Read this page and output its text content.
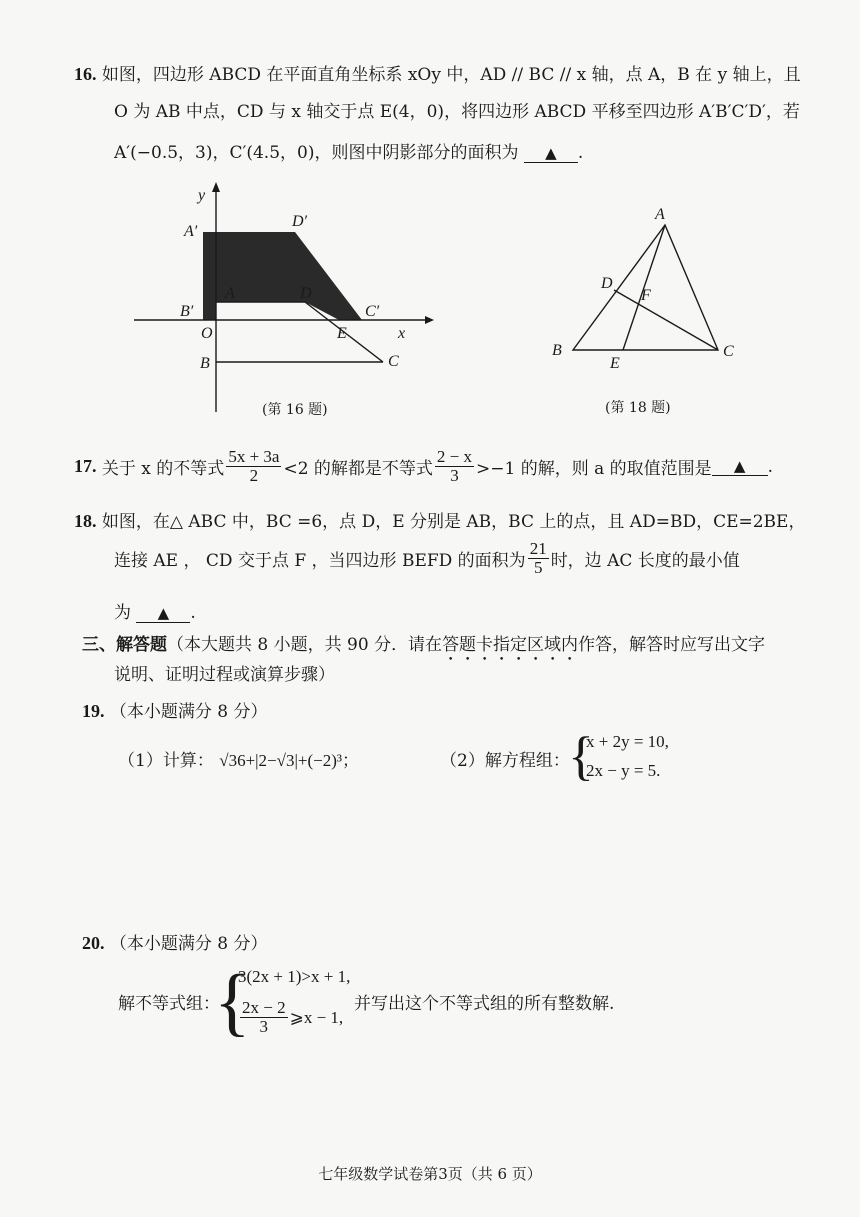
16. 如图，四边形 ABCD 在平面直角坐标系 xOy 中，AD // BC // x 轴，点 A，B 在 y 轴上，且
O 为 AB 中点，CD 与 x 轴交于点 E(4，0)，将四边形 ABCD 平移至四边形 A′B′C′D′，若
A′(−0.5，3)，C′(4.5，0)，则图中阴影部分的面积为 ▲ .
y
x
A′
D′
A	D
B′	C′
O	E
B	C
(第 16 题)
A
B	C
D
E
F
(第 18 题)
17.
关于 x 的不等式 $\frac{5x + 3a}{2} <2$ 的解都是不等式 $\frac{2 - x}{3} >-1$ 的解，则 a 的取值范围是	▲	.
18. 如图，在△ ABC 中，BC =6，点 D，E 分别是 AB，BC 上的点，且 AD=BD，CE=2BE，
连接 AE ， CD 交于点 F ，当四边形 BEFD 的面积为 $\frac{21}{5}$ 时，边 AC 长度的最小值
为 ▲ .
三、解答题（本大题共 8 小题，共 90 分．请在答题卡指定区域内作答，解答时应写出文字
说明、证明过程或演算步骤）
19. （本小题满分 8 分）
（1）计算： √36+|2−√3|+(−2)³；	（2）解方程组：
{
x + 2y = 10,
2x − y = 5.
20. （本小题满分 8 分）
解不等式组：
{
3(2x + 1)>x + 1,
$\frac{2x - 2}{3}$ ⩾x − 1,
并写出这个不等式组的所有整数解.
七年级数学试卷第3页（共 6 页）
